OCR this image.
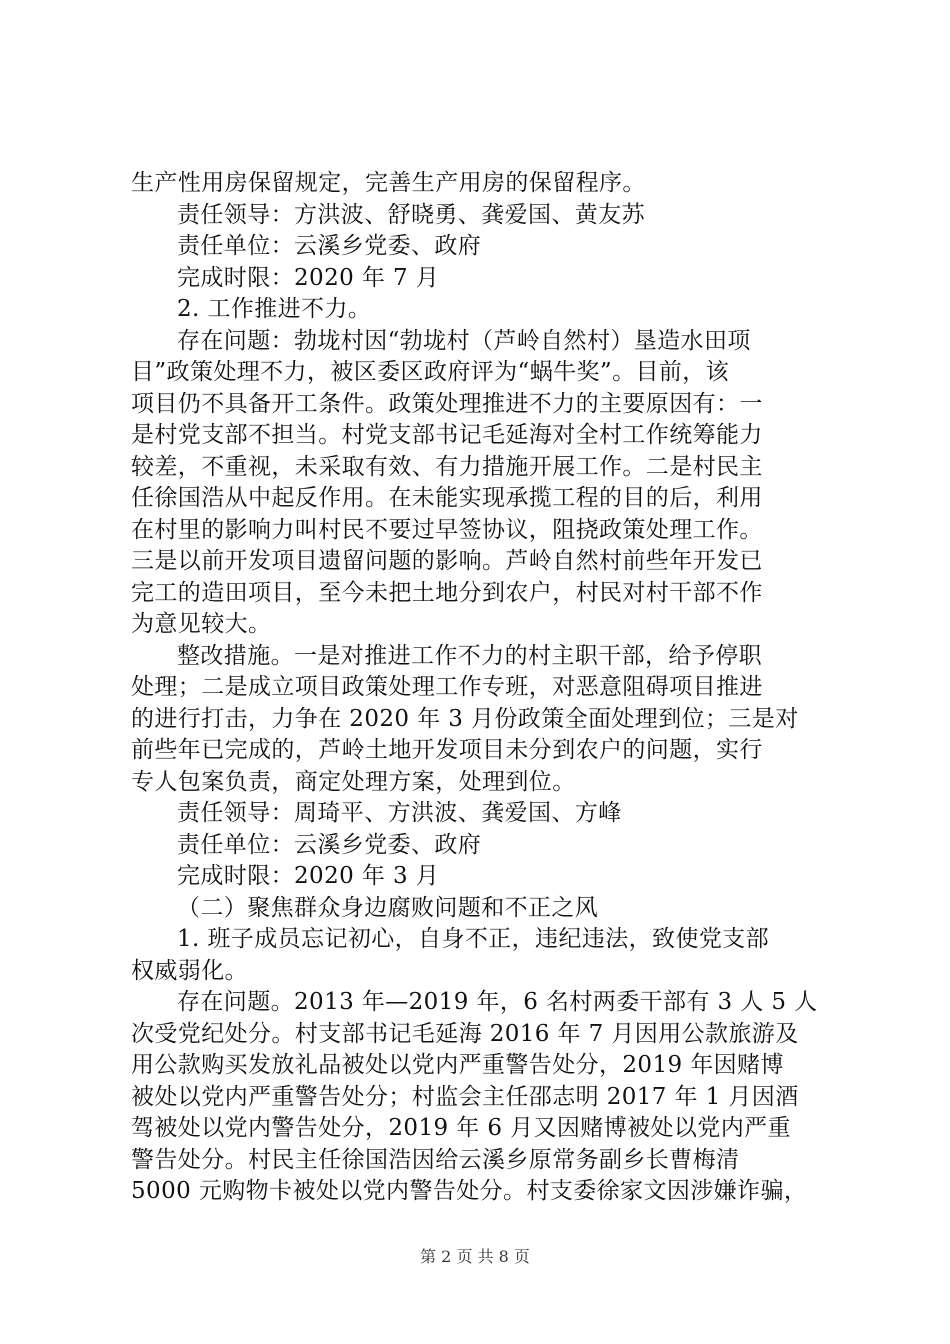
生产性用房保留规定，完善生产用房的保留程序。
责任领导：方洪波、舒晓勇、龚爱国、黄友苏
责任单位：云溪乡党委、政府
完成时限：2020 年 7 月
2. 工作推进不力。
存在问题：勃垅村因“勃垅村（芦岭自然村）垦造水田项
目”政策处理不力，被区委区政府评为“蜗牛奖”。目前，该
项目仍不具备开工条件。政策处理推进不力的主要原因有：一
是村党支部不担当。村党支部书记毛延海对全村工作统筹能力
较差，不重视，未采取有效、有力措施开展工作。二是村民主
任徐国浩从中起反作用。在未能实现承揽工程的目的后，利用
在村里的影响力叫村民不要过早签协议，阻挠政策处理工作。
三是以前开发项目遗留问题的影响。芦岭自然村前些年开发已
完工的造田项目，至今未把土地分到农户，村民对村干部不作
为意见较大。
整改措施。一是对推进工作不力的村主职干部，给予停职
处理；二是成立项目政策处理工作专班，对恶意阻碍项目推进
的进行打击，力争在 2020 年 3 月份政策全面处理到位；三是对
前些年已完成的，芦岭土地开发项目未分到农户的问题，实行
专人包案负责，商定处理方案，处理到位。
责任领导：周琦平、方洪波、龚爱国、方峰
责任单位：云溪乡党委、政府
完成时限：2020 年 3 月
（二）聚焦群众身边腐败问题和不正之风
1. 班子成员忘记初心，自身不正，违纪违法，致使党支部
权威弱化。
存在问题。2013 年—2019 年，6 名村两委干部有 3 人 5 人
次受党纪处分。村支部书记毛延海 2016 年 7 月因用公款旅游及
用公款购买发放礼品被处以党内严重警告处分，2019 年因赌博
被处以党内严重警告处分；村监会主任邵志明 2017 年 1 月因酒
驾被处以党内警告处分，2019 年 6 月又因赌博被处以党内严重
警告处分。村民主任徐国浩因给云溪乡原常务副乡长曹梅清
5000 元购物卡被处以党内警告处分。村支委徐家文因涉嫌诈骗，
第 2 页 共 8 页
